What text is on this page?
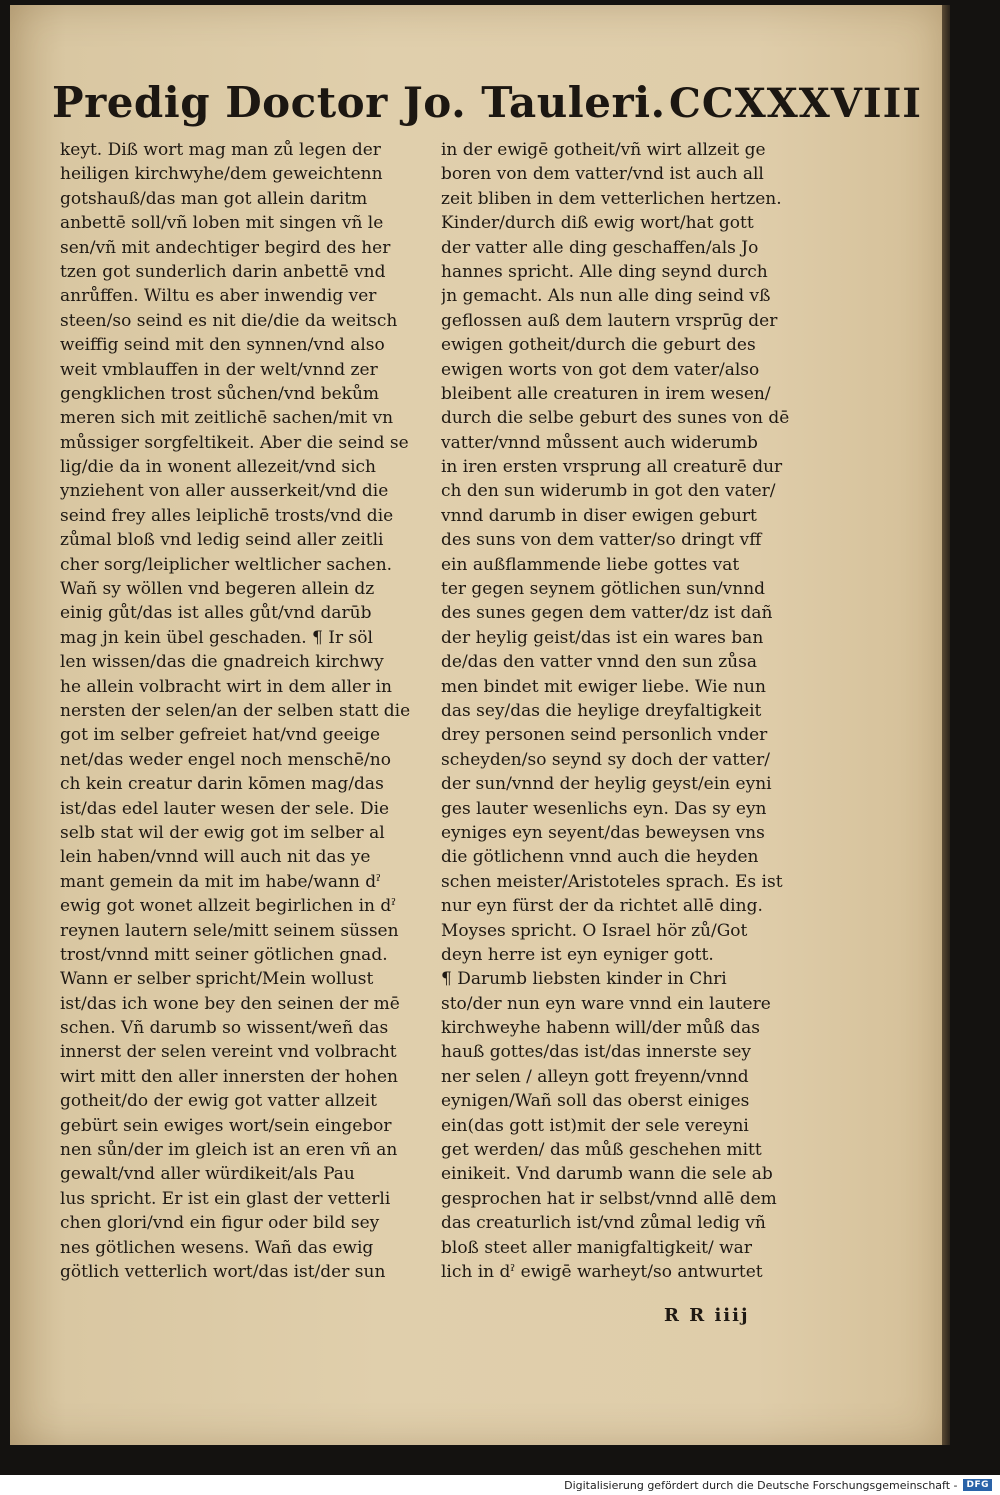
Predig Doctor Jo. Tauleri. CCXXXVIII
keyt. Diß wort mag man zů legen der
heiligen kirchwyhe/dem geweichtenn
gotshauß/das man got allein daritm
anbettē soll/vñ loben mit singen vñ le
sen/vñ mit andechtiger begird des her
tzen got sunderlich darin anbettē vnd
anrůffen. Wiltu es aber inwendig ver
steen/so seind es nit die/die da weitsch
weiffig seind mit den synnen/vnd also
weit vmblauffen in der welt/vnnd zer
gengklichen trost sůchen/vnd bekům
meren sich mit zeitlichē sachen/mit vn
můssiger sorgfeltikeit. Aber die seind se
lig/die da in wonent allezeit/vnd sich
ynziehent von aller ausserkeit/vnd die
seind frey alles leiplichē trosts/vnd die
zůmal bloß vnd ledig seind aller zeitli
cher sorg/leiplicher weltlicher sachen.
Wañ sy wöllen vnd begeren allein dz
einig gůt/das ist alles gůt/vnd darūb
mag jn kein übel geschaden. ¶ Ir söl
len wissen/das die gnadreich kirchwy
he allein volbracht wirt in dem aller in
nersten der selen/an der selben statt die
got im selber gefreiet hat/vnd geeige
net/das weder engel noch menschē/no
ch kein creatur darin kōmen mag/das
ist/das edel lauter wesen der sele. Die
selb stat wil der ewig got im selber al
lein haben/vnnd will auch nit das ye
mant gemein da mit im habe/wann dˀ
ewig got wonet allzeit begirlichen in dˀ
reynen lautern sele/mitt seinem süssen
trost/vnnd mitt seiner götlichen gnad.
Wann er selber spricht/Mein wollust
ist/das ich wone bey den seinen der mē
schen. Vñ darumb so wissent/weñ das
innerst der selen vereint vnd volbracht
wirt mitt den aller innersten der hohen
gotheit/do der ewig got vatter allzeit
gebürt sein ewiges wort/sein eingebor
nen sůn/der im gleich ist an eren vñ an
gewalt/vnd aller würdikeit/als Pau
lus spricht. Er ist ein glast der vetterli
chen glori/vnd ein figur oder bild sey
nes götlichen wesens. Wañ das ewig
götlich vetterlich wort/das ist/der sun
in der ewigē gotheit/vñ wirt allzeit ge
boren von dem vatter/vnd ist auch all
zeit bliben in dem vetterlichen hertzen.
Kinder/durch diß ewig wort/hat gott
der vatter alle ding geschaffen/als Jo
hannes spricht. Alle ding seynd durch
jn gemacht. Als nun alle ding seind vß
geflossen auß dem lautern vrsprūg der
ewigen gotheit/durch die geburt des
ewigen worts von got dem vater/also
bleibent alle creaturen in irem wesen/
durch die selbe geburt des sunes von dē
vatter/vnnd můssent auch widerumb
in iren ersten vrsprung all creaturē dur
ch den sun widerumb in got den vater/
vnnd darumb in diser ewigen geburt
des suns von dem vatter/so dringt vff
ein außflammende liebe gottes vat
ter gegen seynem götlichen sun/vnnd
des sunes gegen dem vatter/dz ist dañ
der heylig geist/das ist ein wares ban
de/das den vatter vnnd den sun zůsa
men bindet mit ewiger liebe. Wie nun
das sey/das die heylige dreyfaltigkeit
drey personen seind personlich vnder
scheyden/so seynd sy doch der vatter/
der sun/vnnd der heylig geyst/ein eyni
ges lauter wesenlichs eyn. Das sy eyn
eyniges eyn seyent/das beweysen vns
die götlichenn vnnd auch die heyden
schen meister/Aristoteles sprach. Es ist
nur eyn fürst der da richtet allē ding.
Moyses spricht. O Israel hör zů/Got
deyn herre ist eyn eyniger gott.
¶ Darumb liebsten kinder in Chri
sto/der nun eyn ware vnnd ein lautere
kirchweyhe habenn will/der můß das
hauß gottes/das ist/das innerste sey
ner selen / alleyn gott freyenn/vnnd
eynigen/Wañ soll das oberst einiges
ein(das gott ist)mit der sele vereyni
get werden/ das můß geschehen mitt
einikeit. Vnd darumb wann die sele ab
gesprochen hat ir selbst/vnnd allē dem
das creaturlich ist/vnd zůmal ledig vñ
bloß steet aller manigfaltigkeit/ war
lich in dˀ ewigē warheyt/so antwurtet
R R iiij
Digitalisierung gefördert durch die Deutsche Forschungsgemeinschaft -	DFG
